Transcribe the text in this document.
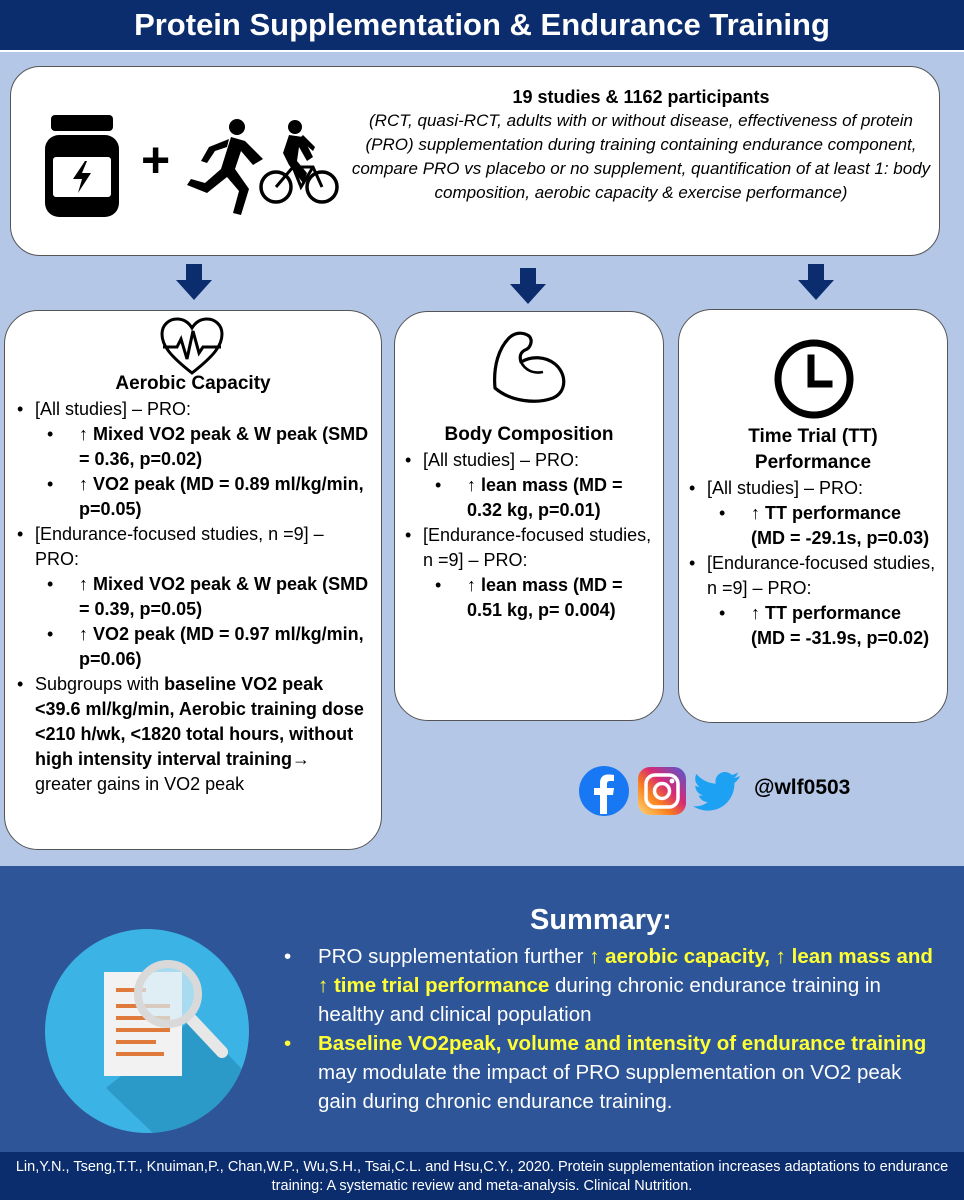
Protein Supplementation & Endurance Training
+
19 studies & 1162 participants
(RCT, quasi-RCT, adults with or without disease, effectiveness of protein (PRO) supplementation during training containing endurance component, compare PRO vs placebo or no supplement, quantification of at least 1: body composition, aerobic capacity & exercise performance)
Aerobic Capacity
• [All studies] – PRO:
• ↑ Mixed VO2 peak & W peak (SMD = 0.36, p=0.02)
• ↑ VO2 peak (MD = 0.89 ml/kg/min, p=0.05)
• [Endurance-focused studies, n =9] – PRO:
• ↑ Mixed VO2 peak & W peak (SMD = 0.39, p=0.05)
• ↑ VO2 peak (MD = 0.97 ml/kg/min, p=0.06)
• Subgroups with baseline VO2 peak <39.6 ml/kg/min, Aerobic training dose <210 h/wk, <1820 total hours, without high intensity interval training→ greater gains in VO2 peak
Body Composition
• [All studies] – PRO:
• ↑ lean mass (MD = 0.32 kg, p=0.01)
• [Endurance-focused studies, n =9] – PRO:
• ↑ lean mass (MD = 0.51 kg, p= 0.004)
Time Trial (TT) Performance
• [All studies] – PRO:
• ↑ TT performance (MD = -29.1s, p=0.03)
• [Endurance-focused studies, n =9] – PRO:
• ↑ TT performance (MD = -31.9s, p=0.02)
@wlf0503
Summary:
• PRO supplementation further ↑ aerobic capacity, ↑ lean mass and ↑ time trial performance during chronic endurance training in healthy and clinical population
• Baseline VO2peak, volume and intensity of endurance training may modulate the impact of PRO supplementation on VO2 peak gain during chronic endurance training.
Lin,Y.N., Tseng,T.T., Knuiman,P., Chan,W.P., Wu,S.H., Tsai,C.L. and Hsu,C.Y., 2020. Protein supplementation increases adaptations to endurance training: A systematic review and meta-analysis. Clinical Nutrition.
